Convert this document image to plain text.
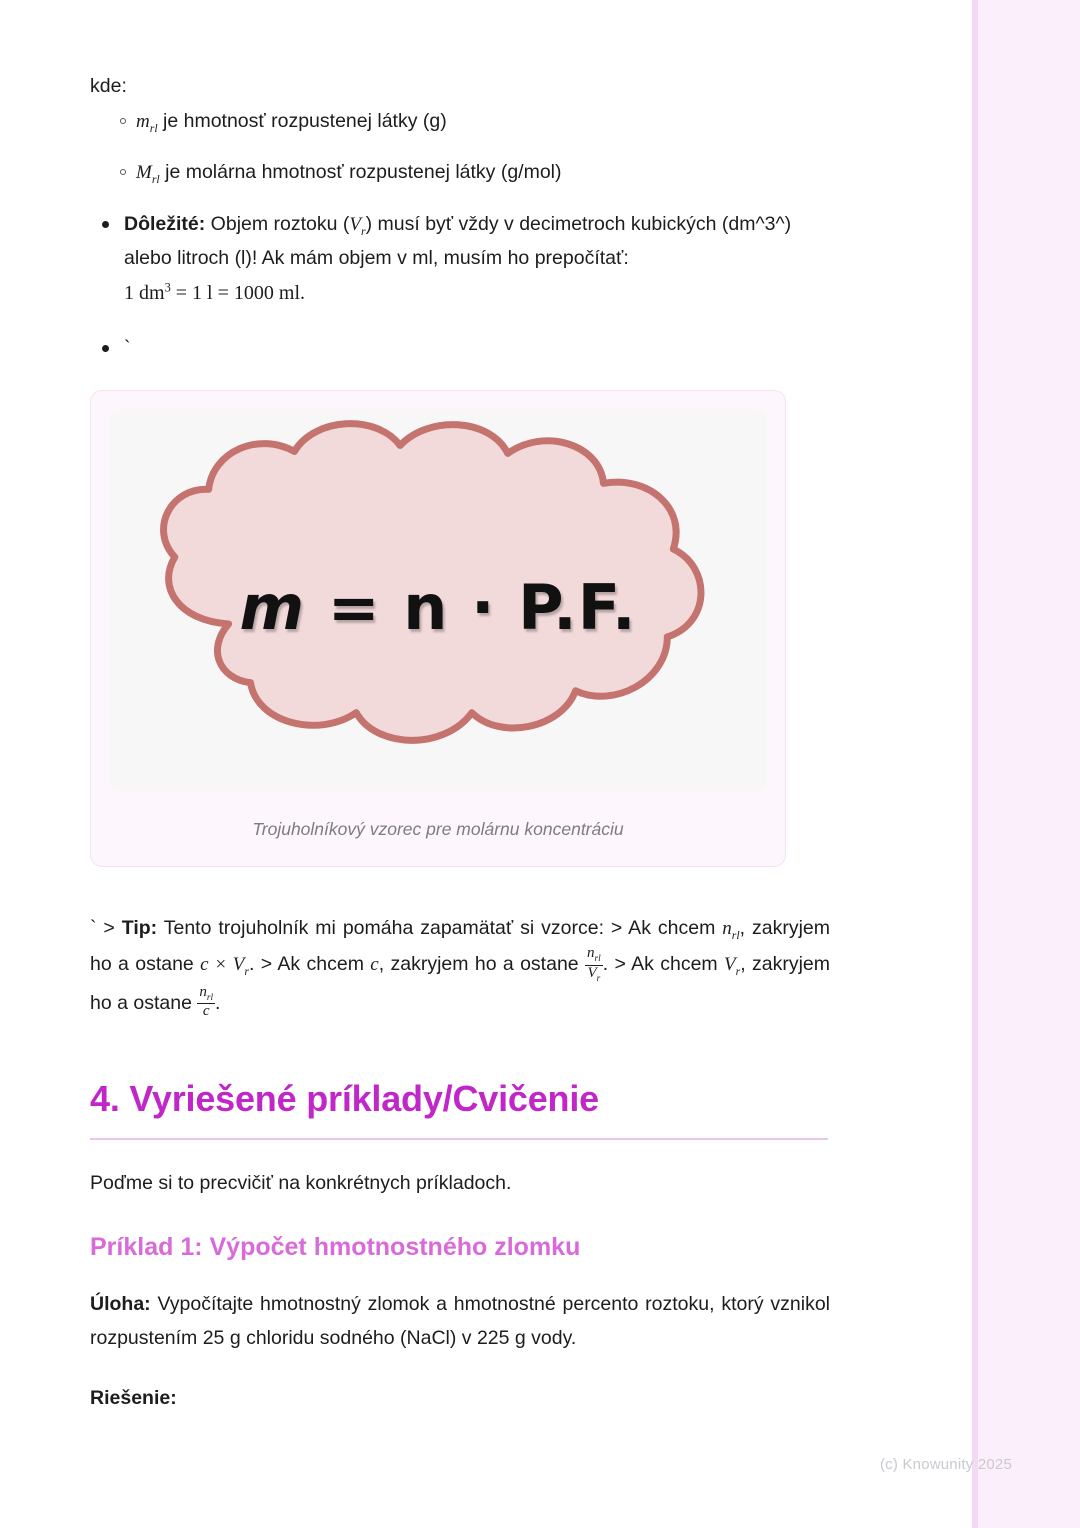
kde:

$m_{rl}$ je hmotnosť rozpustenej látky (g)
$M_{rl}$ je molárna hmotnosť rozpustenej látky (g/mol)
Dôležité: Objem roztoku $(V_r)$ musí byť vždy v decimetroch kubických (dm^3^) alebo litroch (l)! Ak mám objem v ml, musím ho prepočítať:
1 $dm^3 = 1$ l = 1000 ml.
`
m = n · P.F.
Trojuholníkový vzorec pre molárnu koncentráciu

` > Tip: Tento trojuholník mi pomáha zapamätať si vzorce: > Ak chcem $n_{rl}$, zakryjem ho a ostane $c \times V_r$. > Ak chcem c, zakryjem ho a ostane $\frac{n_{rl}}{V_r}$ . > Ak chcem $V_r$, zakryjem ho a ostane $\frac{n_{rl}}{c}$ .

4. Vyriešené príklady/Cvičenie

Poďme si to precvičiť na konkrétnych príkladoch.

Príklad 1: Výpočet hmotnostného zlomku

Úloha: Vypočítajte hmotnostný zlomok a hmotnostné percento roztoku, ktorý vznikol rozpustením 25 g chloridu sodného (NaCl) v 225 g vody.

Riešenie:

(c) Knowunity 2025
